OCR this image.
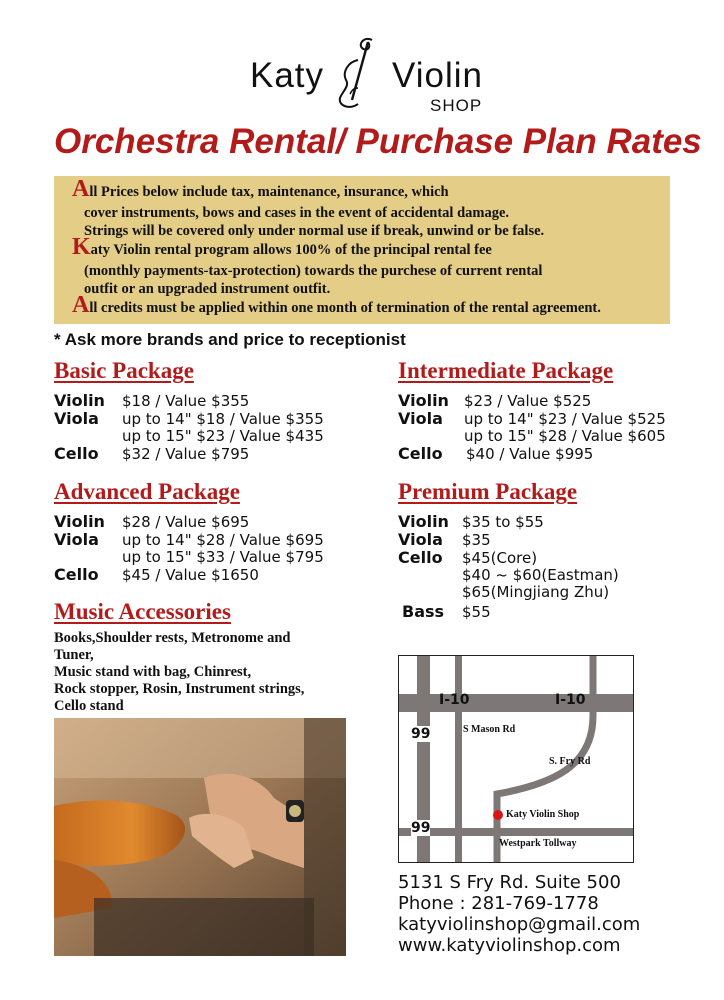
Katy Violin
SHOP
Orchestra Rental/ Purchase Plan Rates

All Prices below include tax, maintenance, insurance, which

cover instruments, bows and cases in the event of accidental damage.

Strings will be covered only under normal use if break, unwind or be false.

Katy Violin rental program allows 100% of the principal rental fee

(monthly payments-tax-protection) towards the purchese of current rental

outfit or an upgraded instrument outfit.

All credits must be applied within one month of termination of the rental agreement.

* Ask more brands and price to receptionist
Basic Package
Violin $18 / Value $355
Viola up to 14" $18 / Value $355
up to 15" $23 / Value $435
Cello $32 / Value $795
Intermediate Package
Violin $23 / Value $525
Viola up to 14" $23 / Value $525
up to 15" $28 / Value $605
Cello $40 / Value $995
Advanced Package
Violin $28 / Value $695
Viola up to 14" $28 / Value $695
up to 15" $33 / Value $795
Cello $45 / Value $1650
Premium Package
Violin $35 to $55
Viola $35
Cello $45(Core)
$40 ~ $60(Eastman)
$65(Mingjiang Zhu)
Bass $55
Music Accessories
Books,Shoulder rests, Metronome and
Tuner,
Music stand with bag, Chinrest,
Rock stopper, Rosin, Instrument strings,
Cello stand	I-10	I-10
99
99
S Mason Rd
S. Fry Rd
Katy Violin Shop
Westpark Tollway
5131 S Fry Rd. Suite 500
Phone : 281-769-1778
katyviolinshop@gmail.com
www.katyviolinshop.com
